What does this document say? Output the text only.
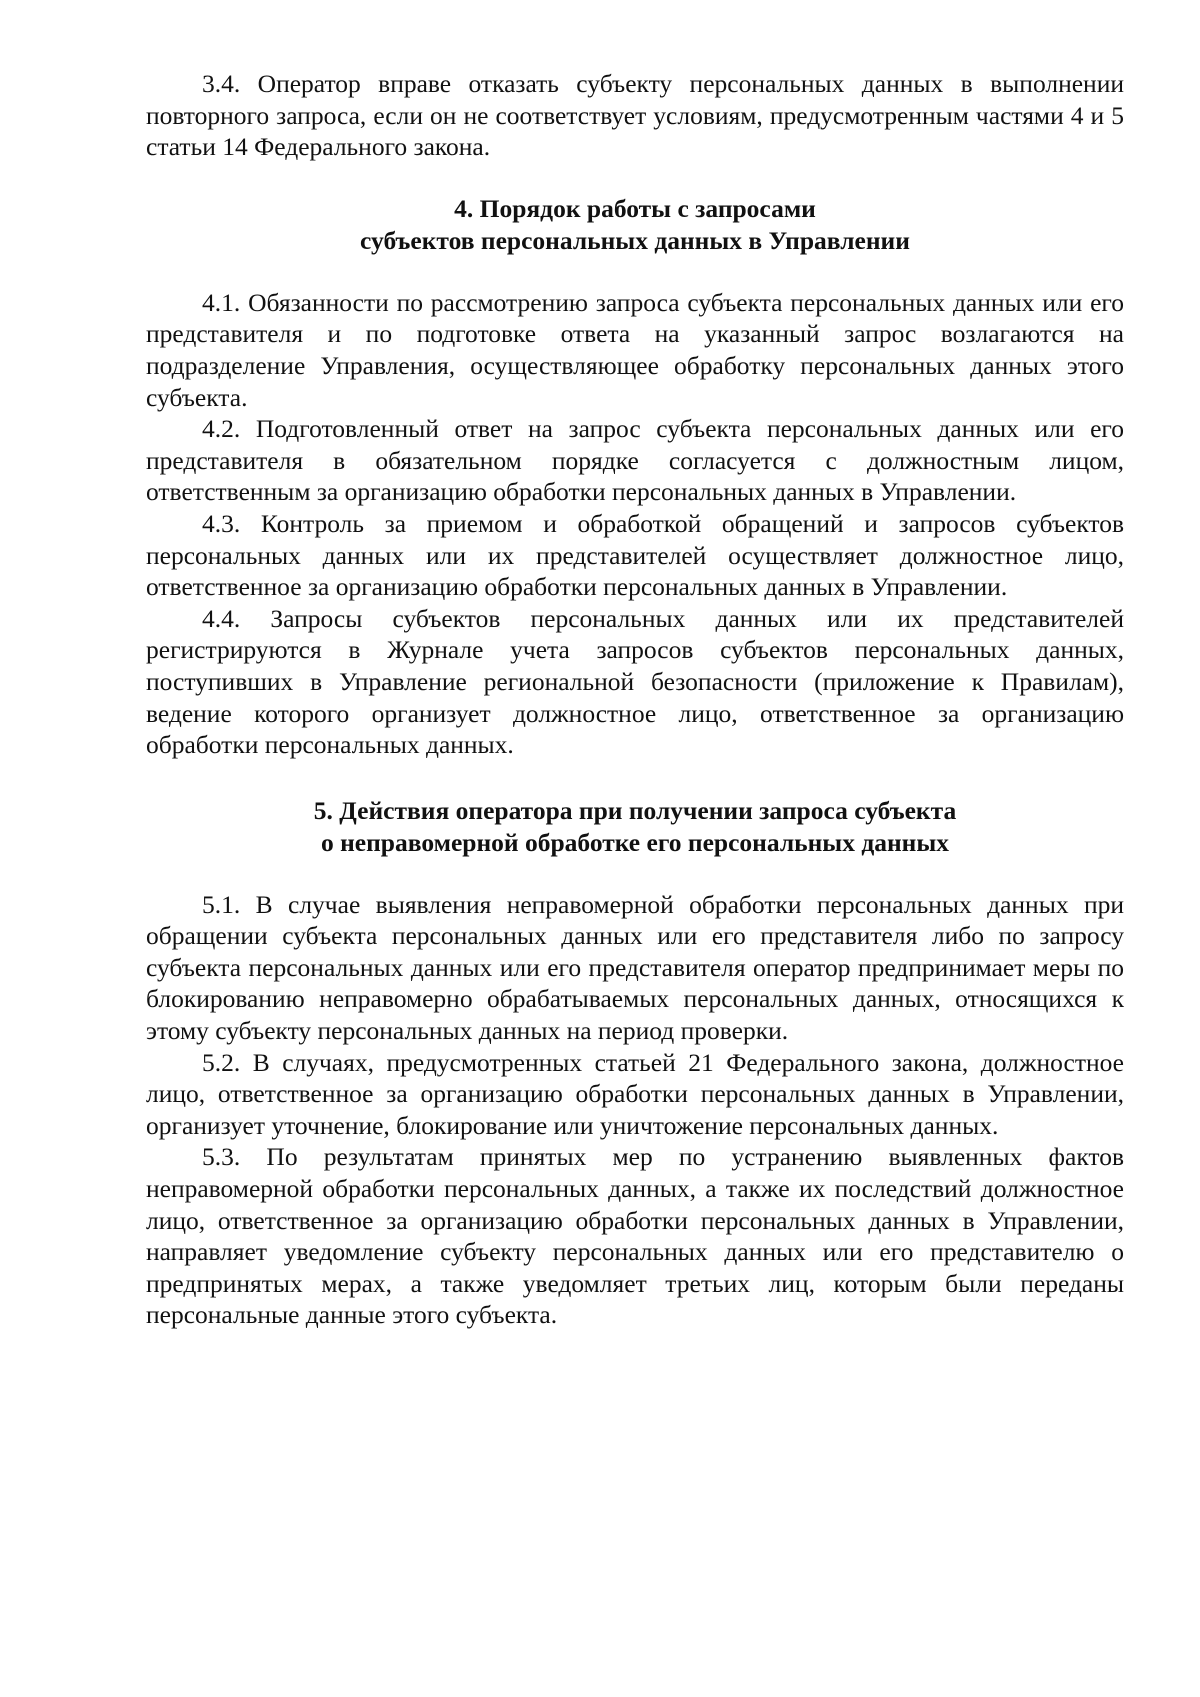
3.4. Оператор вправе отказать субъекту персональных данных в выполнении повторного запроса, если он не соответствует условиям, предусмотренным частями 4 и 5 статьи 14 Федерального закона.

4. Порядок работы с запросами
субъектов персональных данных в Управлении

4.1. Обязанности по рассмотрению запроса субъекта персональных данных или его представителя и по подготовке ответа на указанный запрос возлагаются на подразделение Управления, осуществляющее обработку персональных данных этого субъекта.

4.2. Подготовленный ответ на запрос субъекта персональных данных или его представителя в обязательном порядке согласуется с должностным лицом, ответственным за организацию обработки персональных данных в Управлении.

4.3. Контроль за приемом и обработкой обращений и запросов субъектов персональных данных или их представителей осуществляет должностное лицо, ответственное за организацию обработки персональных данных в Управлении.

4.4. Запросы субъектов персональных данных или их представителей регистрируются в Журнале учета запросов субъектов персональных данных, поступивших в Управление региональной безопасности (приложение к Правилам), ведение которого организует должностное лицо, ответственное за организацию обработки персональных данных.

5. Действия оператора при получении запроса субъекта
о неправомерной обработке его персональных данных

5.1. В случае выявления неправомерной обработки персональных данных при обращении субъекта персональных данных или его представителя либо по запросу субъекта персональных данных или его представителя оператор предпринимает меры по блокированию неправомерно обрабатываемых персональных данных, относящихся к этому субъекту персональных данных на период проверки.

5.2. В случаях, предусмотренных статьей 21 Федерального закона, должностное лицо, ответственное за организацию обработки персональных данных в Управлении, организует уточнение, блокирование или уничтожение персональных данных.

5.3. По результатам принятых мер по устранению выявленных фактов неправомерной обработки персональных данных, а также их последствий должностное лицо, ответственное за организацию обработки персональных данных в Управлении, направляет уведомление субъекту персональных данных или его представителю о предпринятых мерах, а также уведомляет третьих лиц, которым были переданы персональные данные этого субъекта.
